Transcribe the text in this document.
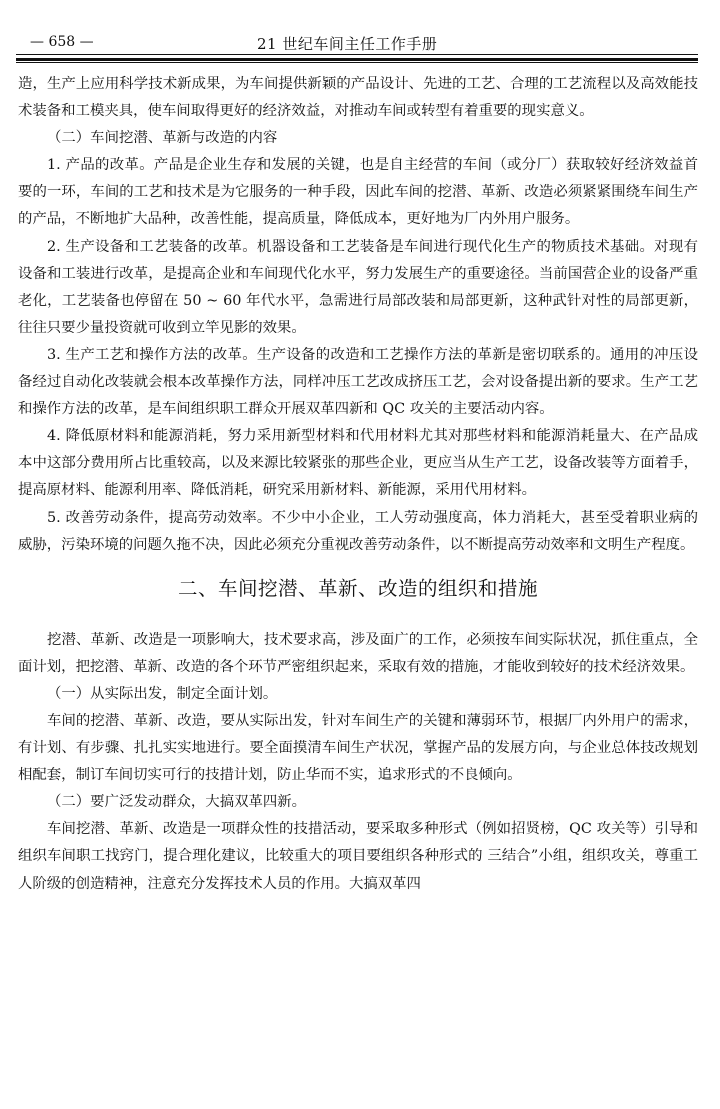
— 658 —	21 世纪车间主任工作手册

造，生产上应用科学技术新成果，为车间提供新颖的产品设计、先进的工艺、合理的工艺流程以及高效能技术装备和工模夹具，使车间取得更好的经济效益，对推动车间或转型有着重要的现实意义。

（二）车间挖潜、革新与改造的内容

1. 产品的改革。产品是企业生存和发展的关键，也是自主经营的车间（或分厂）获取较好经济效益首要的一环，车间的工艺和技术是为它服务的一种手段，因此车间的挖潜、革新、改造必须紧紧围绕车间生产的产品，不断地扩大品种，改善性能，提高质量，降低成本，更好地为厂内外用户服务。

2. 生产设备和工艺装备的改革。机器设备和工艺装备是车间进行现代化生产的物质技术基础。对现有设备和工装进行改革，是提高企业和车间现代化水平，努力发展生产的重要途径。当前国营企业的设备严重老化，工艺装备也停留在 50 ~ 60 年代水平，急需进行局部改装和局部更新，这种武针对性的局部更新，往往只要少量投资就可收到立竿见影的效果。

3. 生产工艺和操作方法的改革。生产设备的改造和工艺操作方法的革新是密切联系的。通用的冲压设备经过自动化改装就会根本改革操作方法，同样冲压工艺改成挤压工艺，会对设备提出新的要求。生产工艺和操作方法的改革，是车间组织职工群众开展双革四新和 QC 攻关的主要活动内容。

4. 降低原材料和能源消耗，努力采用新型材料和代用材料尤其对那些材料和能源消耗量大、在产品成本中这部分费用所占比重较高，以及来源比较紧张的那些企业，更应当从生产工艺，设备改装等方面着手，提高原材料、能源利用率、降低消耗，研究采用新材料、新能源，采用代用材料。

5. 改善劳动条件，提高劳动效率。不少中小企业，工人劳动强度高，体力消耗大，甚至受着职业病的威胁，污染环境的问题久拖不决，因此必须充分重视改善劳动条件，以不断提高劳动效率和文明生产程度。

二、车间挖潜、革新、改造的组织和措施

挖潜、革新、改造是一项影响大，技术要求高，涉及面广的工作，必须按车间实际状况，抓住重点，全面计划，把挖潜、革新、改造的各个环节严密组织起来，采取有效的措施，才能收到较好的技术经济效果。

（一）从实际出发，制定全面计划。

车间的挖潜、革新、改造，要从实际出发，针对车间生产的关键和薄弱环节，根据厂内外用户的需求，有计划、有步骤、扎扎实实地进行。要全面摸清车间生产状况，掌握产品的发展方向，与企业总体技改规划相配套，制订车间切实可行的技措计划，防止华而不实，追求形式的不良倾向。

（二）要广泛发动群众，大搞双革四新。

车间挖潜、革新、改造是一项群众性的技措活动，要采取多种形式（例如招贤榜，QC 攻关等）引导和组织车间职工找窍门，提合理化建议，比较重大的项目要组织各种形式的 三结合”小组，组织攻关，尊重工人阶级的创造精神，注意充分发挥技术人员的作用。大搞双革四
